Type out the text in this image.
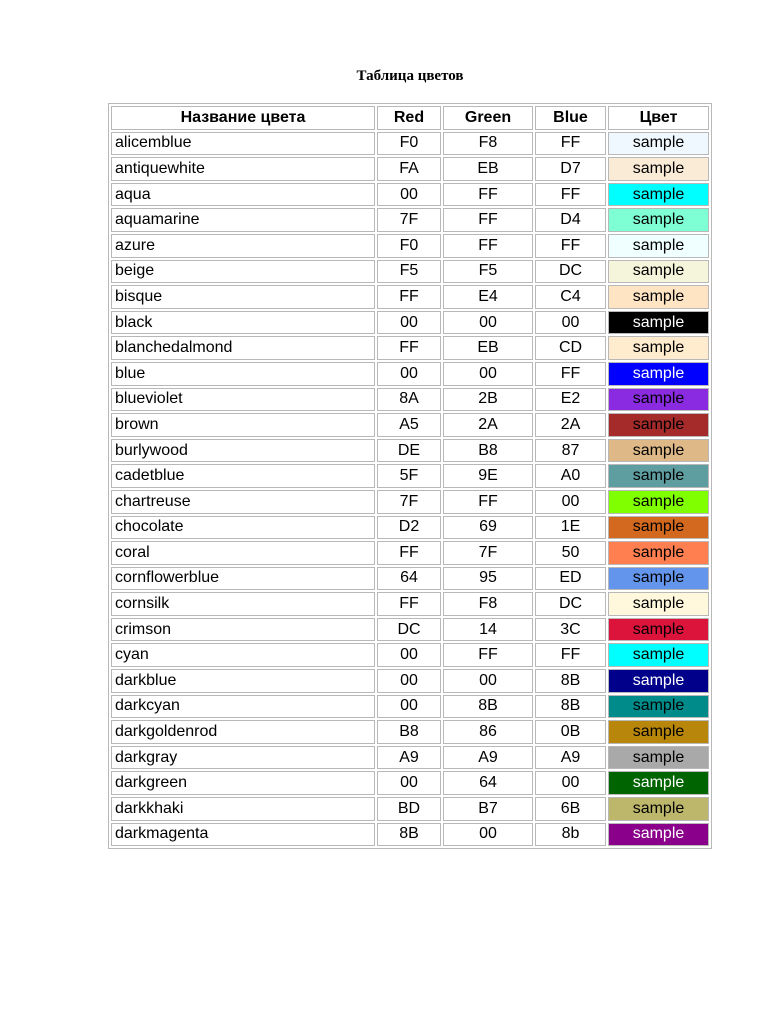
Таблица цветов
Название цвета	Red	Green	Blue	Цвет
alicemblue	F0	F8	FF	sample
antiquewhite	FA	EB	D7	sample
aqua	00	FF	FF	sample
aquamarine	7F	FF	D4	sample
azure	F0	FF	FF	sample
beige	F5	F5	DC	sample
bisque	FF	E4	C4	sample
black	00	00	00	sample
blanchedalmond	FF	EB	CD	sample
blue	00	00	FF	sample
blueviolet	8A	2B	E2	sample
brown	A5	2A	2A	sample
burlywood	DE	B8	87	sample
cadetblue	5F	9E	A0	sample
chartreuse	7F	FF	00	sample
chocolate	D2	69	1E	sample
coral	FF	7F	50	sample
cornflowerblue	64	95	ED	sample
cornsilk	FF	F8	DC	sample
crimson	DC	14	3C	sample
cyan	00	FF	FF	sample
darkblue	00	00	8B	sample
darkcyan	00	8B	8B	sample
darkgoldenrod	B8	86	0B	sample
darkgray	A9	A9	A9	sample
darkgreen	00	64	00	sample
darkkhaki	BD	B7	6B	sample
darkmagenta	8B	00	8b	sample
